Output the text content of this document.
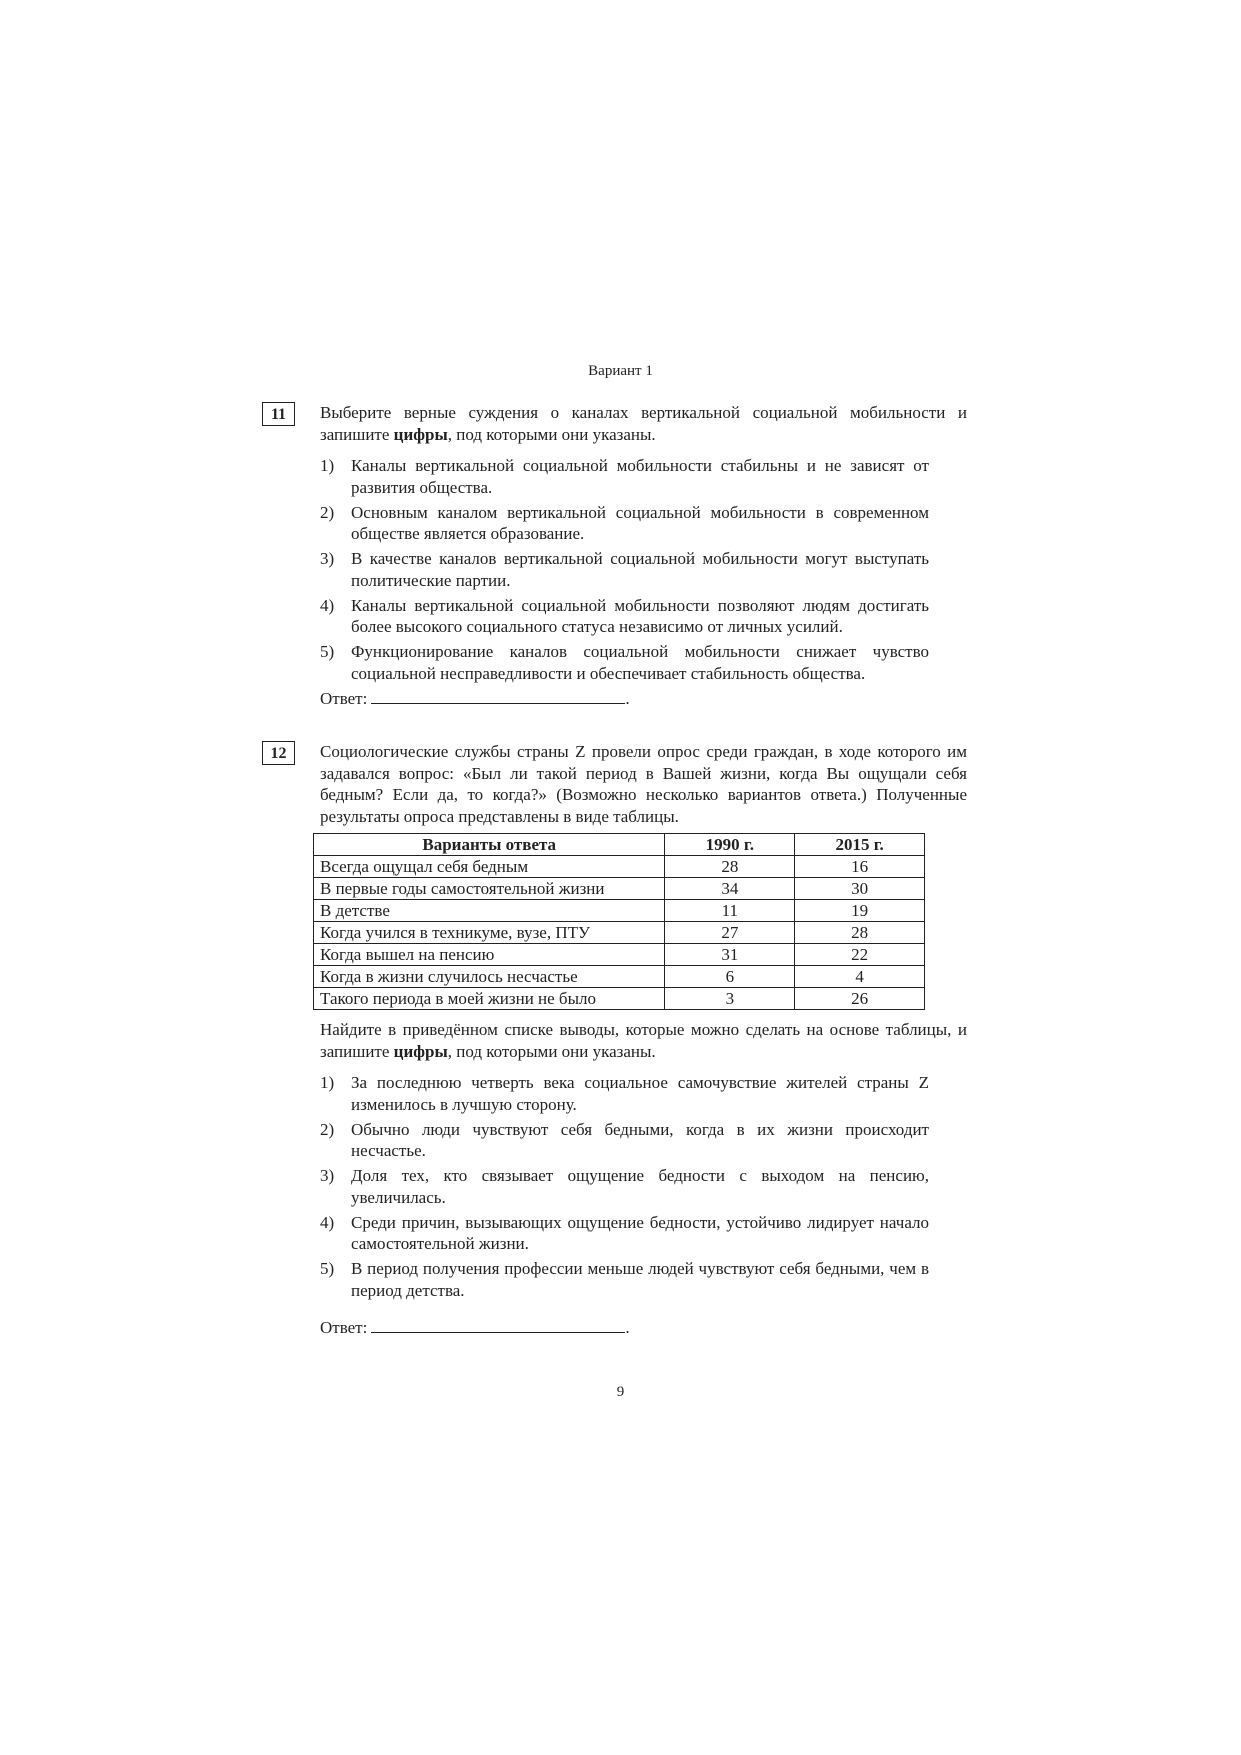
Вариант 1
11	Выберите верные суждения о каналах вертикальной социальной мобильности и запишите цифры, под которыми они указаны.

1) Каналы вертикальной социальной мобильности стабильны и не зависят от развития общества.
2) Основным каналом вертикальной социальной мобильности в современном обществе является образование.
3) В качестве каналов вертикальной социальной мобильности могут выступать политические партии.
4) Каналы вертикальной социальной мобильности позволяют людям достигать более высокого социального статуса независимо от личных усилий.
5) Функционирование каналов социальной мобильности снижает чувство социальной несправедливости и обеспечивает стабильность общества.

Ответ:	.

12	Социологические службы страны Z провели опрос среди граждан, в ходе которого им задавался вопрос: «Был ли такой период в Вашей жизни, когда Вы ощущали себя бедным? Если да, то когда?» (Возможно несколько вариантов ответа.) Полученные результаты опроса представлены в виде таблицы.

Варианты ответа	1990 г.	2015 г.
Всегда ощущал себя бедным	28	16
В первые годы самостоятельной жизни	34	30
В детстве	11	19
Когда учился в техникуме, вузе, ПТУ	27	28
Когда вышел на пенсию	31	22
Когда в жизни случилось несчастье	6	4
Такого периода в моей жизни не было	3	26

Найдите в приведённом списке выводы, которые можно сделать на основе таблицы, и запишите цифры, под которыми они указаны.

1) За последнюю четверть века социальное самочувствие жителей страны Z изменилось в лучшую сторону.
2) Обычно люди чувствуют себя бедными, когда в их жизни происходит несчастье.
3) Доля тех, кто связывает ощущение бедности с выходом на пенсию, увеличилась.
4) Среди причин, вызывающих ощущение бедности, устойчиво лидирует начало самостоятельной жизни.
5) В период получения профессии меньше людей чувствуют себя бедными, чем в период детства.

Ответ:	.

9
